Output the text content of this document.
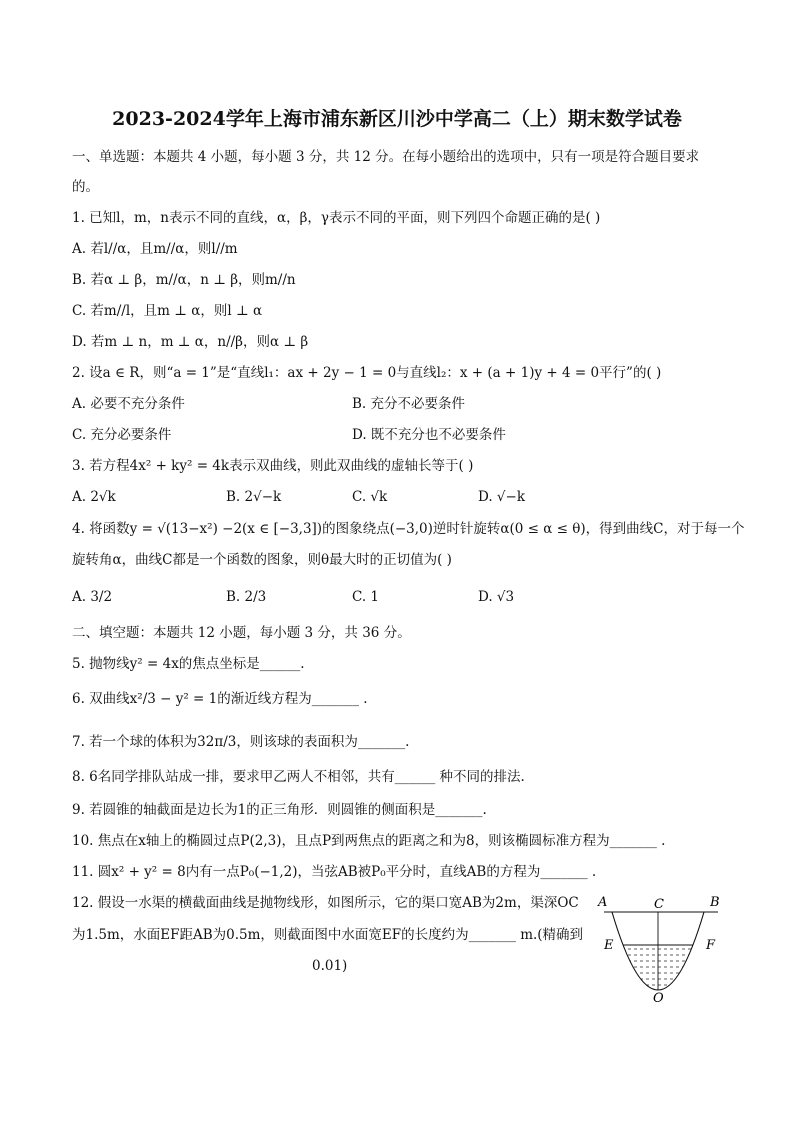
2023-2024学年上海市浦东新区川沙中学高二（上）期末数学试卷
一、单选题：本题共 4 小题，每小题 3 分，共 12 分。在每小题给出的选项中，只有一项是符合题目要求
的。
1. 已知l，m，n表示不同的直线，α，β，γ表示不同的平面，则下列四个命题正确的是( )
A. 若l//α，且m//α，则l//m
B. 若α ⊥ β，m//α，n ⊥ β，则m//n
C. 若m//l，且m ⊥ α，则l ⊥ α
D. 若m ⊥ n，m ⊥ α，n//β，则α ⊥ β
2. 设a ∈ R，则“a = 1”是“直线l₁：ax + 2y − 1 = 0与直线l₂：x + (a + 1)y + 4 = 0平行”的( )
A. 必要不充分条件	B. 充分不必要条件
C. 充分必要条件	D. 既不充分也不必要条件
3. 若方程4x² + ky² = 4k表示双曲线，则此双曲线的虚轴长等于( )
A. 2√k	B. 2√−k	C. √k	D. √−k
4. 将函数y = √(13−x²) −2(x ∈ [−3,3])的图象绕点(−3,0)逆时针旋转α(0 ≤ α ≤ θ)，得到曲线C，对于每一个
旋转角α，曲线C都是一个函数的图象，则θ最大时的正切值为( )
A. 3/2	B. 2/3	C. 1	D. √3
二、填空题：本题共 12 小题，每小题 3 分，共 36 分。
5. 抛物线y² = 4x的焦点坐标是______.
6. 双曲线x²/3 − y² = 1的渐近线方程为_______ .
7. 若一个球的体积为32π/3，则该球的表面积为_______.
8. 6名同学排队站成一排，要求甲乙两人不相邻，共有______ 种不同的排法.
9. 若圆锥的轴截面是边长为1的正三角形．则圆锥的侧面积是_______.
10. 焦点在x轴上的椭圆过点P(2,3)，且点P到两焦点的距离之和为8，则该椭圆标准方程为_______ .
11. 圆x² + y² = 8内有一点P₀(−1,2)，当弦AB被P₀平分时，直线AB的方程为_______ .
12. 假设一水渠的横截面曲线是抛物线形，如图所示，它的渠口宽AB为2m，渠深OC
为1.5m，水面EF距AB为0.5m，则截面图中水面宽EF的长度约为_______ m.(精确到
0.01)
A	C	B
E	F
O
